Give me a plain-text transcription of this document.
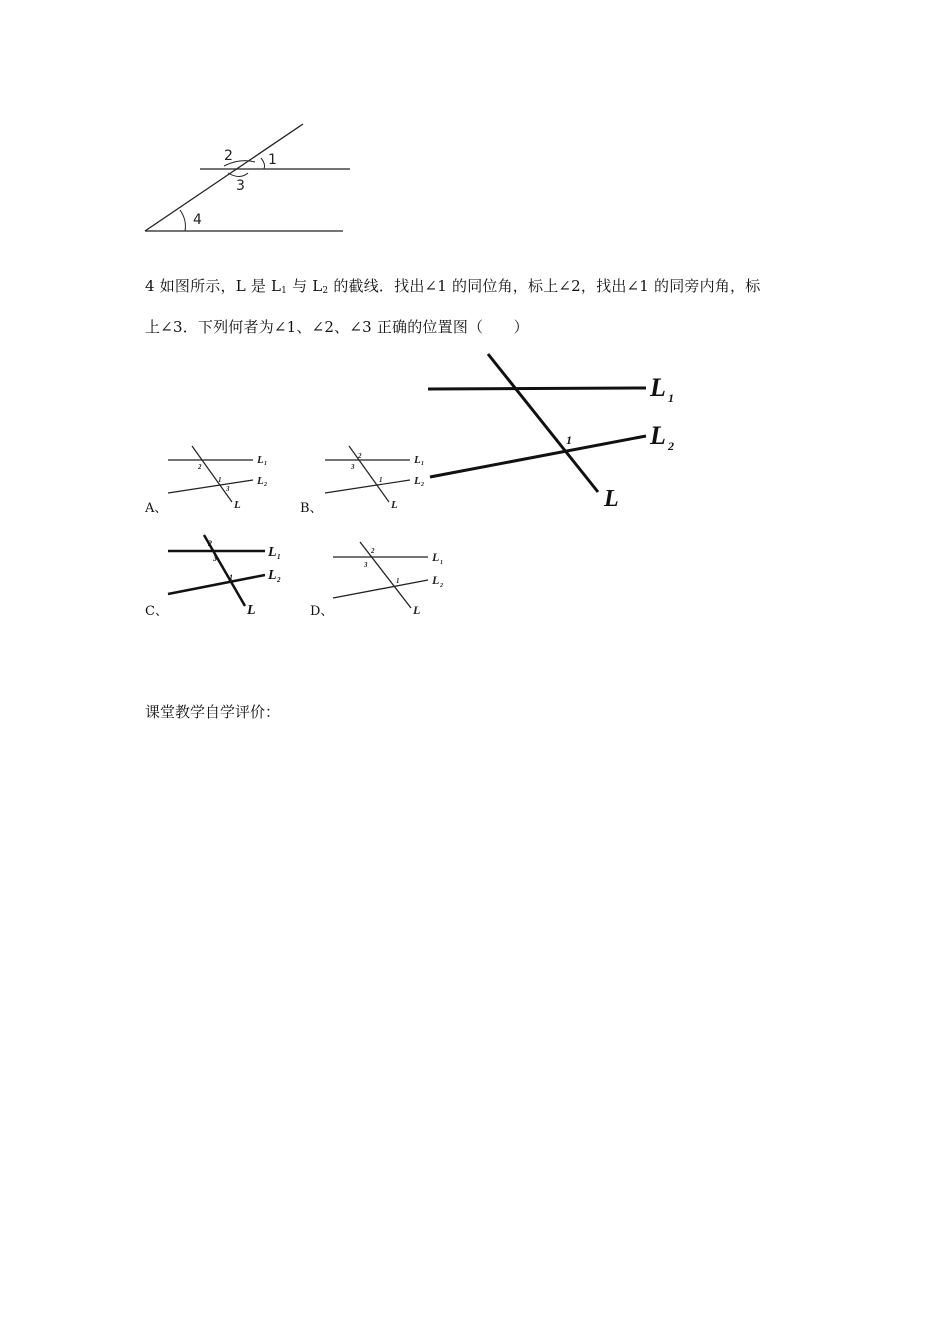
2	1
3
4
4 如图所示，L 是 $L_1$ 与 $L_2$ 的截线．找出∠1 的同位角，标上∠2，找出∠1 的同旁内角，标
上∠3．下列何者为∠1、∠2、∠3 正确的位置图（　　）
1
L 1
L 2
L
A、
2
1
3
L 1
L 2
L	B、
2
3
1
L 1
L 2
L
C、
2
3
1
L 1
L 2
L	D、
2
3
1
L 1
L 2
L
课堂教学自学评价：
